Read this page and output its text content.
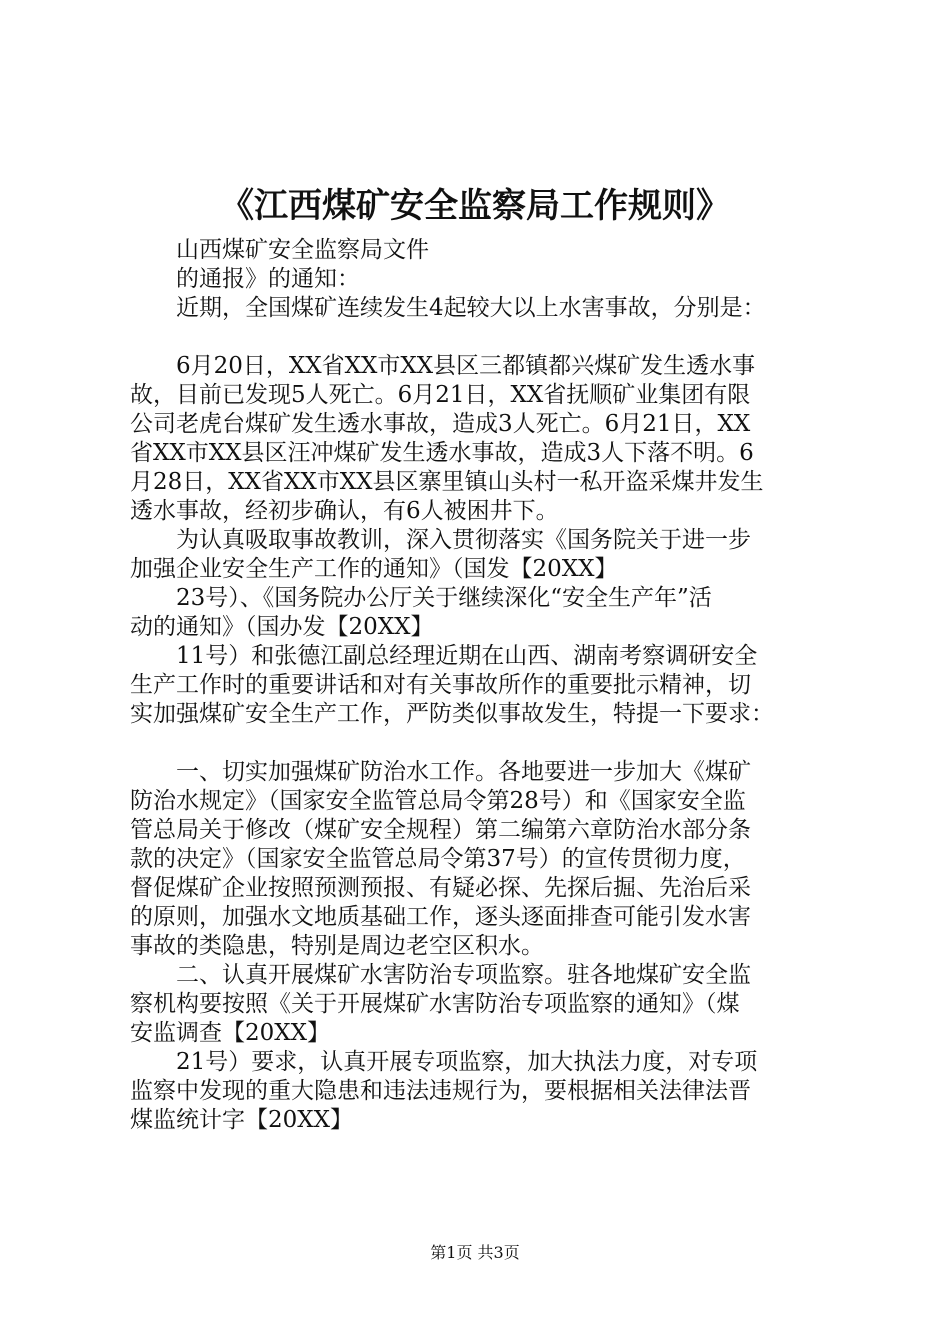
《江西煤矿安全监察局工作规则》

　　山西煤矿安全监察局文件

　　的通报》的通知：

　　近期，全国煤矿连续发生4起较大以上水害事故，分别是：

　　6月20日，XX省XX市XX县区三都镇都兴煤矿发生透水事

故，目前已发现5人死亡。6月21日，XX省抚顺矿业集团有限

公司老虎台煤矿发生透水事故，造成3人死亡。6月21日，XX

省XX市XX县区汪冲煤矿发生透水事故，造成3人下落不明。6

月28日，XX省XX市XX县区寨里镇山头村一私开盗采煤井发生

透水事故，经初步确认，有6人被困井下。

　　为认真吸取事故教训，深入贯彻落实《国务院关于进一步

加强企业安全生产工作的通知》（国发【20XX】

　　23号）、《国务院办公厅关于继续深化“安全生产年”活

动的通知》（国办发【20XX】

　　11号）和张德江副总经理近期在山西、湖南考察调研安全

生产工作时的重要讲话和对有关事故所作的重要批示精神，切

实加强煤矿安全生产工作，严防类似事故发生，特提一下要求：

　　一、切实加强煤矿防治水工作。各地要进一步加大《煤矿

防治水规定》（国家安全监管总局令第28号）和《国家安全监

管总局关于修改（煤矿安全规程）第二编第六章防治水部分条

款的决定》（国家安全监管总局令第37号）的宣传贯彻力度，

督促煤矿企业按照预测预报、有疑必探、先探后掘、先治后采

的原则，加强水文地质基础工作，逐头逐面排查可能引发水害

事故的类隐患，特别是周边老空区积水。

　　二、认真开展煤矿水害防治专项监察。驻各地煤矿安全监

察机构要按照《关于开展煤矿水害防治专项监察的通知》（煤

安监调查【20XX】

　　21号）要求，认真开展专项监察，加大执法力度，对专项

监察中发现的重大隐患和违法违规行为，要根据相关法律法晋

煤监统计字【20XX】

第1页 共3页
